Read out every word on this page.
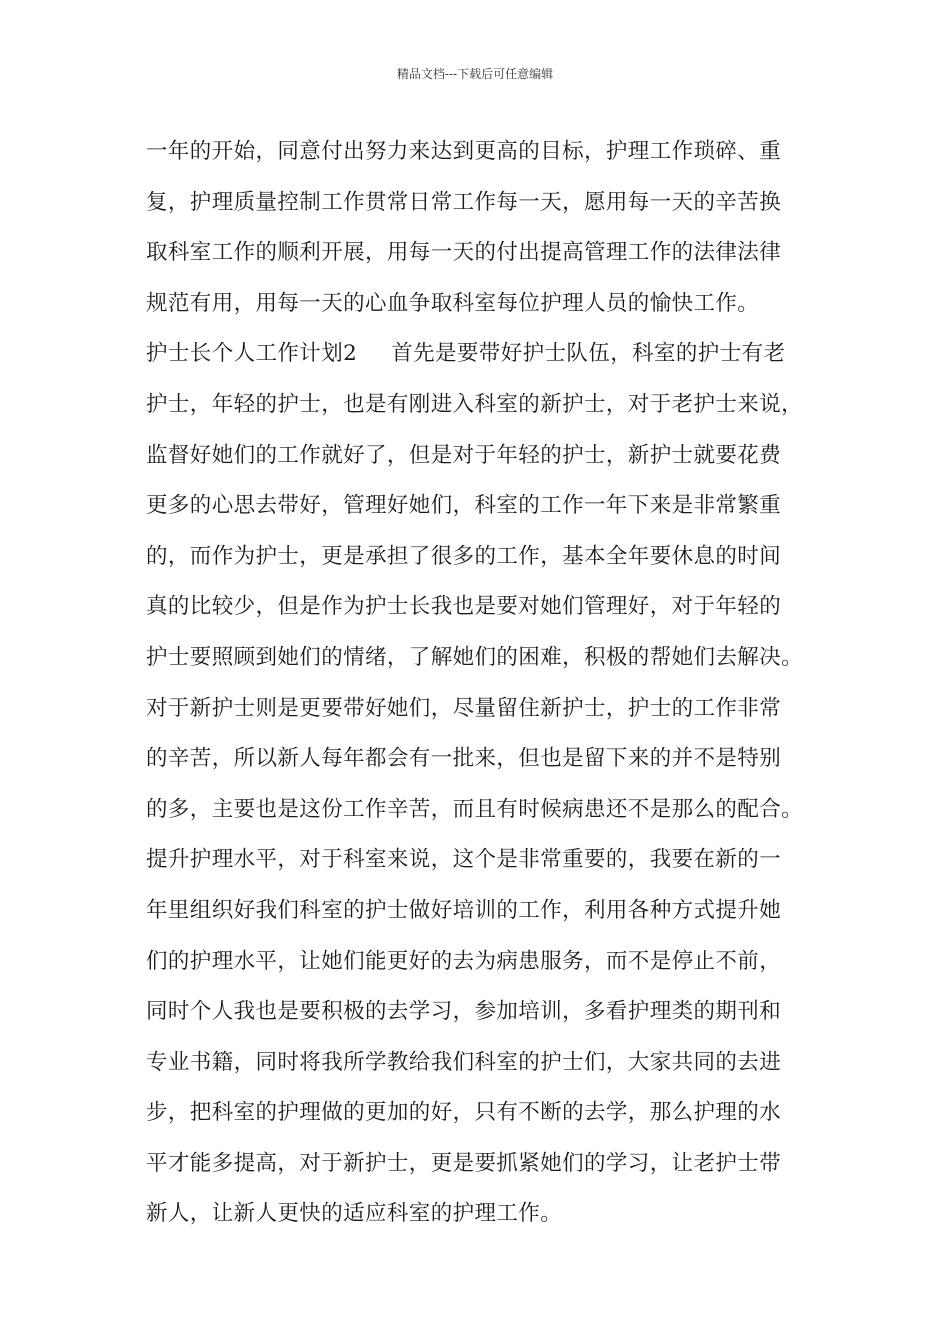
精品文档---下载后可任意编辑
一年的开始，同意付出努力来达到更高的目标，护理工作琐碎、重
复，护理质量控制工作贯常日常工作每一天，愿用每一天的辛苦换
取科室工作的顺利开展，用每一天的付出提高管理工作的法律法律
规范有用，用每一天的心血争取科室每位护理人员的愉快工作。
护士长个人工作计划2 首先是要带好护士队伍，科室的护士有老
护士，年轻的护士，也是有刚进入科室的新护士，对于老护士来说，
监督好她们的工作就好了，但是对于年轻的护士，新护士就要花费
更多的心思去带好，管理好她们，科室的工作一年下来是非常繁重
的，而作为护士，更是承担了很多的工作，基本全年要休息的时间
真的比较少，但是作为护士长我也是要对她们管理好，对于年轻的
护士要照顾到她们的情绪，了解她们的困难，积极的帮她们去解决。
对于新护士则是更要带好她们，尽量留住新护士，护士的工作非常
的辛苦，所以新人每年都会有一批来，但也是留下来的并不是特别
的多，主要也是这份工作辛苦，而且有时候病患还不是那么的配合。
提升护理水平，对于科室来说，这个是非常重要的，我要在新的一
年里组织好我们科室的护士做好培训的工作，利用各种方式提升她
们的护理水平，让她们能更好的去为病患服务，而不是停止不前，
同时个人我也是要积极的去学习，参加培训，多看护理类的期刊和
专业书籍，同时将我所学教给我们科室的护士们，大家共同的去进
步，把科室的护理做的更加的好，只有不断的去学，那么护理的水
平才能多提高，对于新护士，更是要抓紧她们的学习，让老护士带
新人，让新人更快的适应科室的护理工作。
